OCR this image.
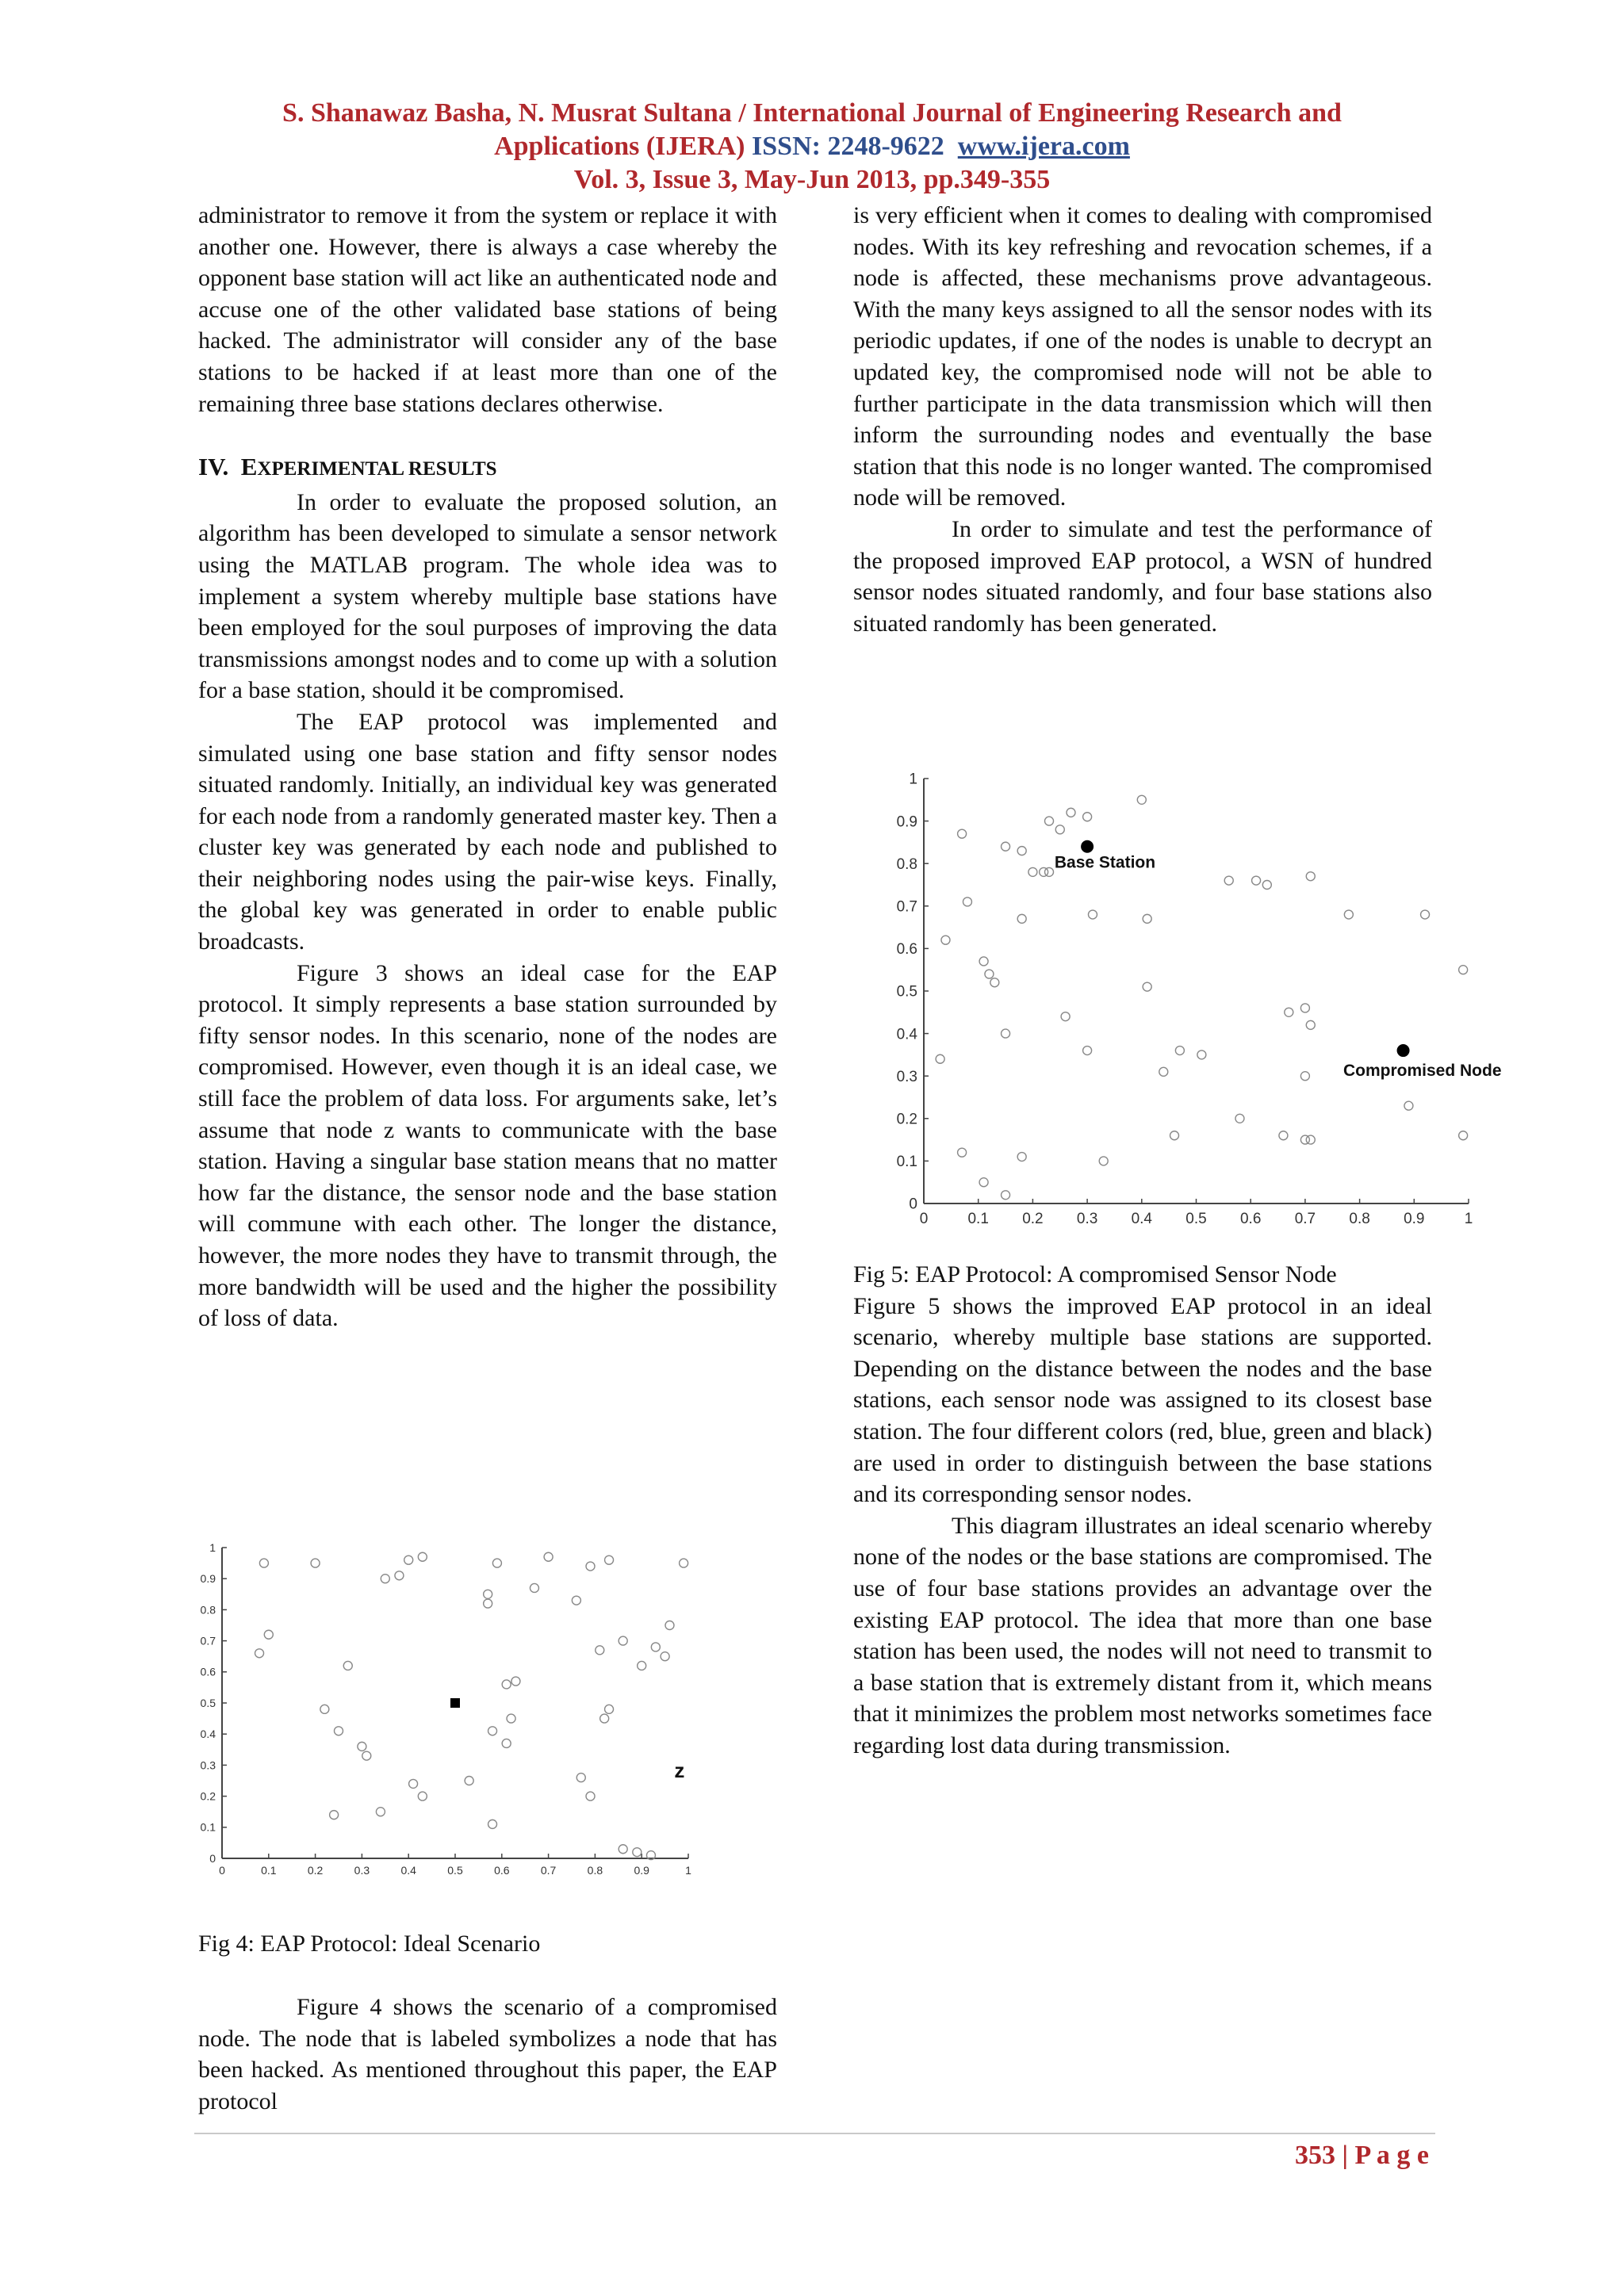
S. Shanawaz Basha, N. Musrat Sultana / International Journal of Engineering Research and
Applications (IJERA) ISSN: 2248-9622 www.ijera.com
Vol. 3, Issue 3, May-Jun 2013, pp.349-355

administrator to remove it from the system or replace it with another one. However, there is always a case whereby the opponent base station will act like an authenticated node and accuse one of the other validated base stations of being hacked. The administrator will consider any of the base stations to be hacked if at least more than one of the remaining three base stations declares otherwise.

IV. EXPERIMENTAL RESULTS

In order to evaluate the proposed solution, an algorithm has been developed to simulate a sensor network using the MATLAB program. The whole idea was to implement a system whereby multiple base stations have been employed for the soul purposes of improving the data transmissions amongst nodes and to come up with a solution for a base station, should it be compromised.

The EAP protocol was implemented and simulated using one base station and fifty sensor nodes situated randomly. Initially, an individual key was generated for each node from a randomly generated master key. Then a cluster key was generated by each node and published to their neighboring nodes using the pair-wise keys. Finally, the global key was generated in order to enable public broadcasts.

Figure 3 shows an ideal case for the EAP protocol. It simply represents a base station surrounded by fifty sensor nodes. In this scenario, none of the nodes are compromised. However, even though it is an ideal case, we still face the problem of data loss. For arguments sake, let’s assume that node z wants to communicate with the base station. Having a singular base station means that no matter how far the distance, the sensor node and the base station will commune with each other. The longer the distance, however, the more nodes they have to transmit through, the more bandwidth will be used and the higher the possibility of loss of data.

0	0.1	0.2	0.3	0.4	0.5	0.6	0.7	0.8	0.9	1
0
0.1
0.2
0.3
0.4
0.5
0.6
0.7
0.8
0.9
1
z
Fig 4: EAP Protocol: Ideal Scenario

Figure 4 shows the scenario of a compromised node. The node that is labeled symbolizes a node that has been hacked. As mentioned throughout this paper, the EAP protocol

is very efficient when it comes to dealing with compromised nodes. With its key refreshing and revocation schemes, if a node is affected, these mechanisms prove advantageous. With the many keys assigned to all the sensor nodes with its periodic updates, if one of the nodes is unable to decrypt an updated key, the compromised node will not be able to further participate in the data transmission which will then inform the surrounding nodes and eventually the base station that this node is no longer wanted. The compromised node will be removed.

In order to simulate and test the performance of the proposed improved EAP protocol, a WSN of hundred sensor nodes situated randomly, and four base stations also situated randomly has been generated.

0	0.1 0.2 0.3 0.4 0.5 0.6 0.7 0.8 0.9	1
0
0.1
0.2
0.3
0.4
0.5
0.6
0.7
0.8
0.9
1
Base Station
Compromised Node

Fig 5: EAP Protocol: A compromised Sensor Node

Figure 5 shows the improved EAP protocol in an ideal scenario, whereby multiple base stations are supported. Depending on the distance between the nodes and the base stations, each sensor node was assigned to its closest base station. The four different colors (red, blue, green and black) are used in order to distinguish between the base stations and its corresponding sensor nodes.

This diagram illustrates an ideal scenario whereby none of the nodes or the base stations are compromised. The use of four base stations provides an advantage over the existing EAP protocol. The idea that more than one base station has been used, the nodes will not need to transmit to a base station that is extremely distant from it, which means that it minimizes the problem most networks sometimes face regarding lost data during transmission.

353 | P a g e
